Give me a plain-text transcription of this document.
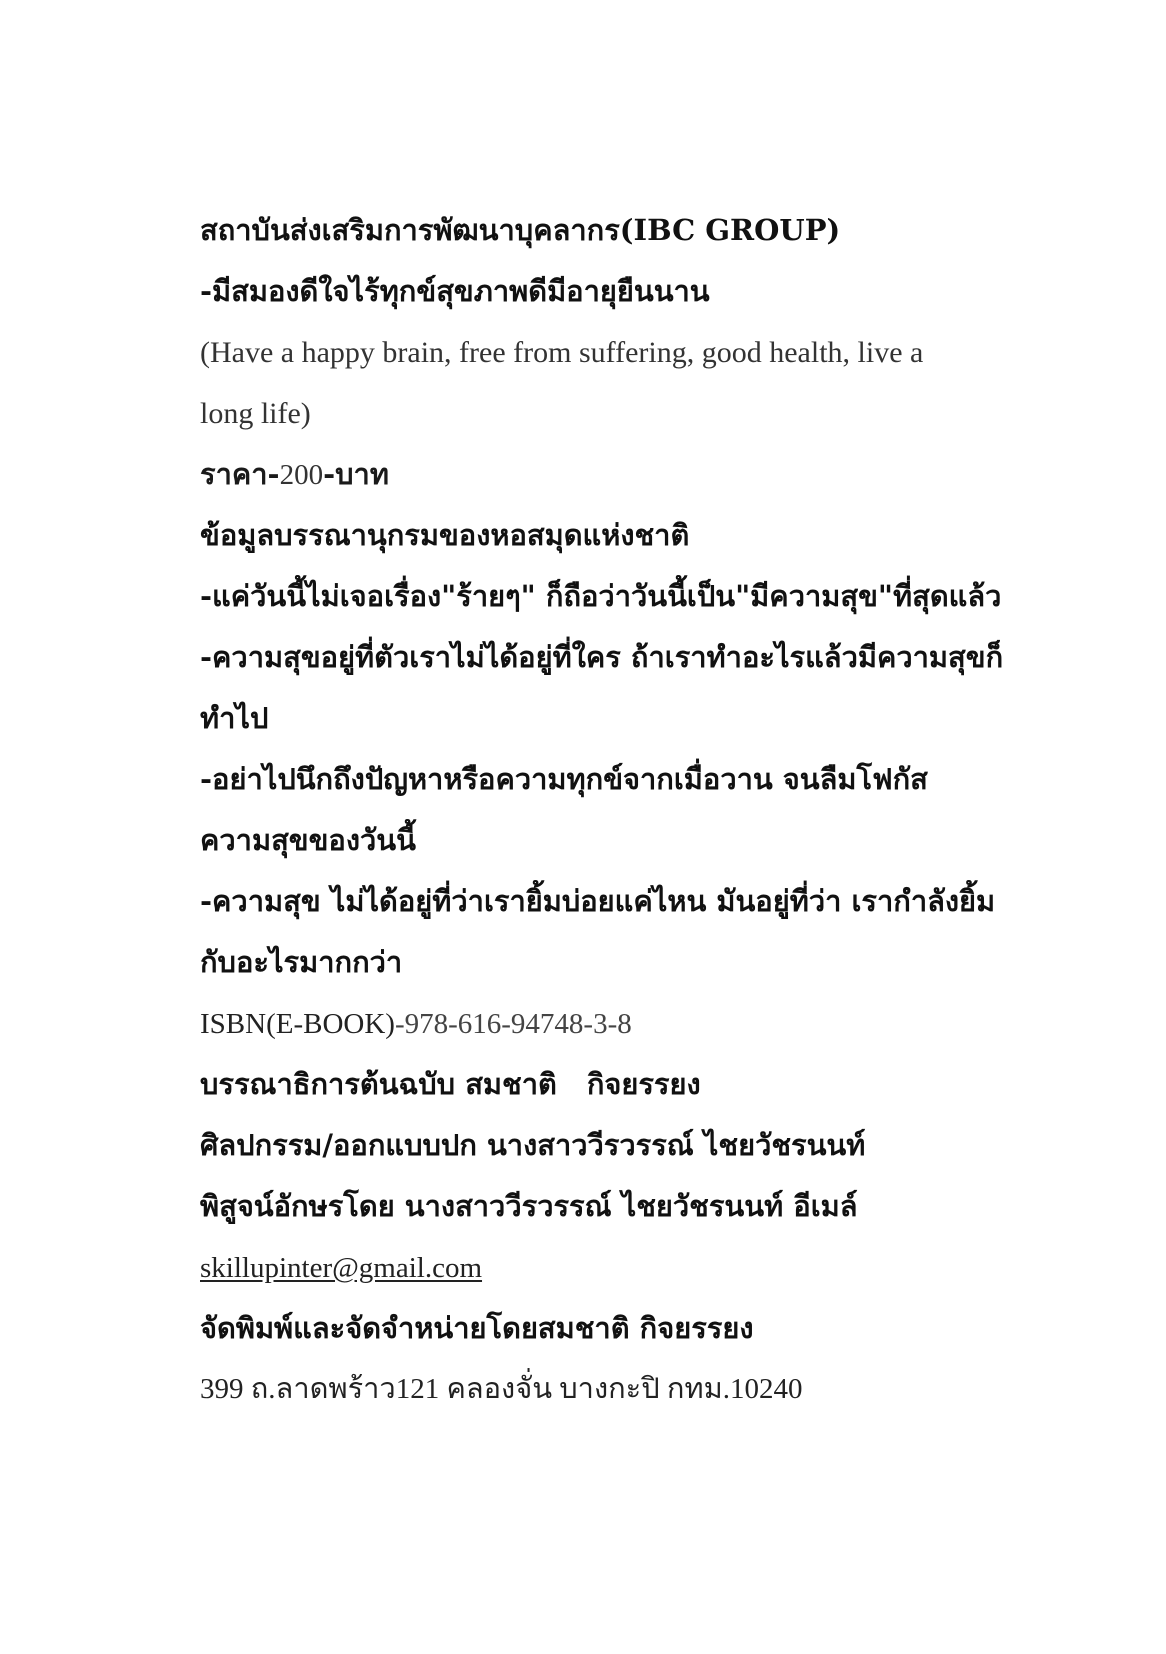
สถาบันส่งเสริมการพัฒนาบุคลากร(IBC GROUP)
-มีสมองดีใจไร้ทุกข์สุขภาพดีมีอายุยืนนาน
(Have a happy brain, free from suffering, good health, live a
long life)
ราคา-200-บาท
ข้อมูลบรรณานุกรมของหอสมุดแห่งชาติ
-แค่วันนี้ไม่เจอเรื่อง"ร้ายๆ" ก็ถือว่าวันนี้เป็น"มีความสุข"ที่สุดแล้ว
-ความสุขอยู่ที่ตัวเราไม่ได้อยู่ที่ใคร ถ้าเราทำอะไรแล้วมีความสุขก็
ทำไป
-อย่าไปนึกถึงปัญหาหรือความทุกข์จากเมื่อวาน จนลืมโฟกัส
ความสุขของวันนี้
-ความสุข ไม่ได้อยู่ที่ว่าเรายิ้มบ่อยแค่ไหน มันอยู่ที่ว่า เรากำลังยิ้ม
กับอะไรมากกว่า
ISBN(E-BOOK)-978-616-94748-3-8
บรรณาธิการต้นฉบับ สมชาติ กิจยรรยง
ศิลปกรรม/ออกแบบปก นางสาววีรวรรณ์ ไชยวัชรนนท์
พิสูจน์อักษรโดย นางสาววีรวรรณ์ ไชยวัชรนนท์ อีเมล์
skillupinter@gmail.com
จัดพิมพ์และจัดจำหน่ายโดยสมชาติ กิจยรรยง
399 ถ.ลาดพร้าว121 คลองจั่น บางกะปิ กทม.10240
